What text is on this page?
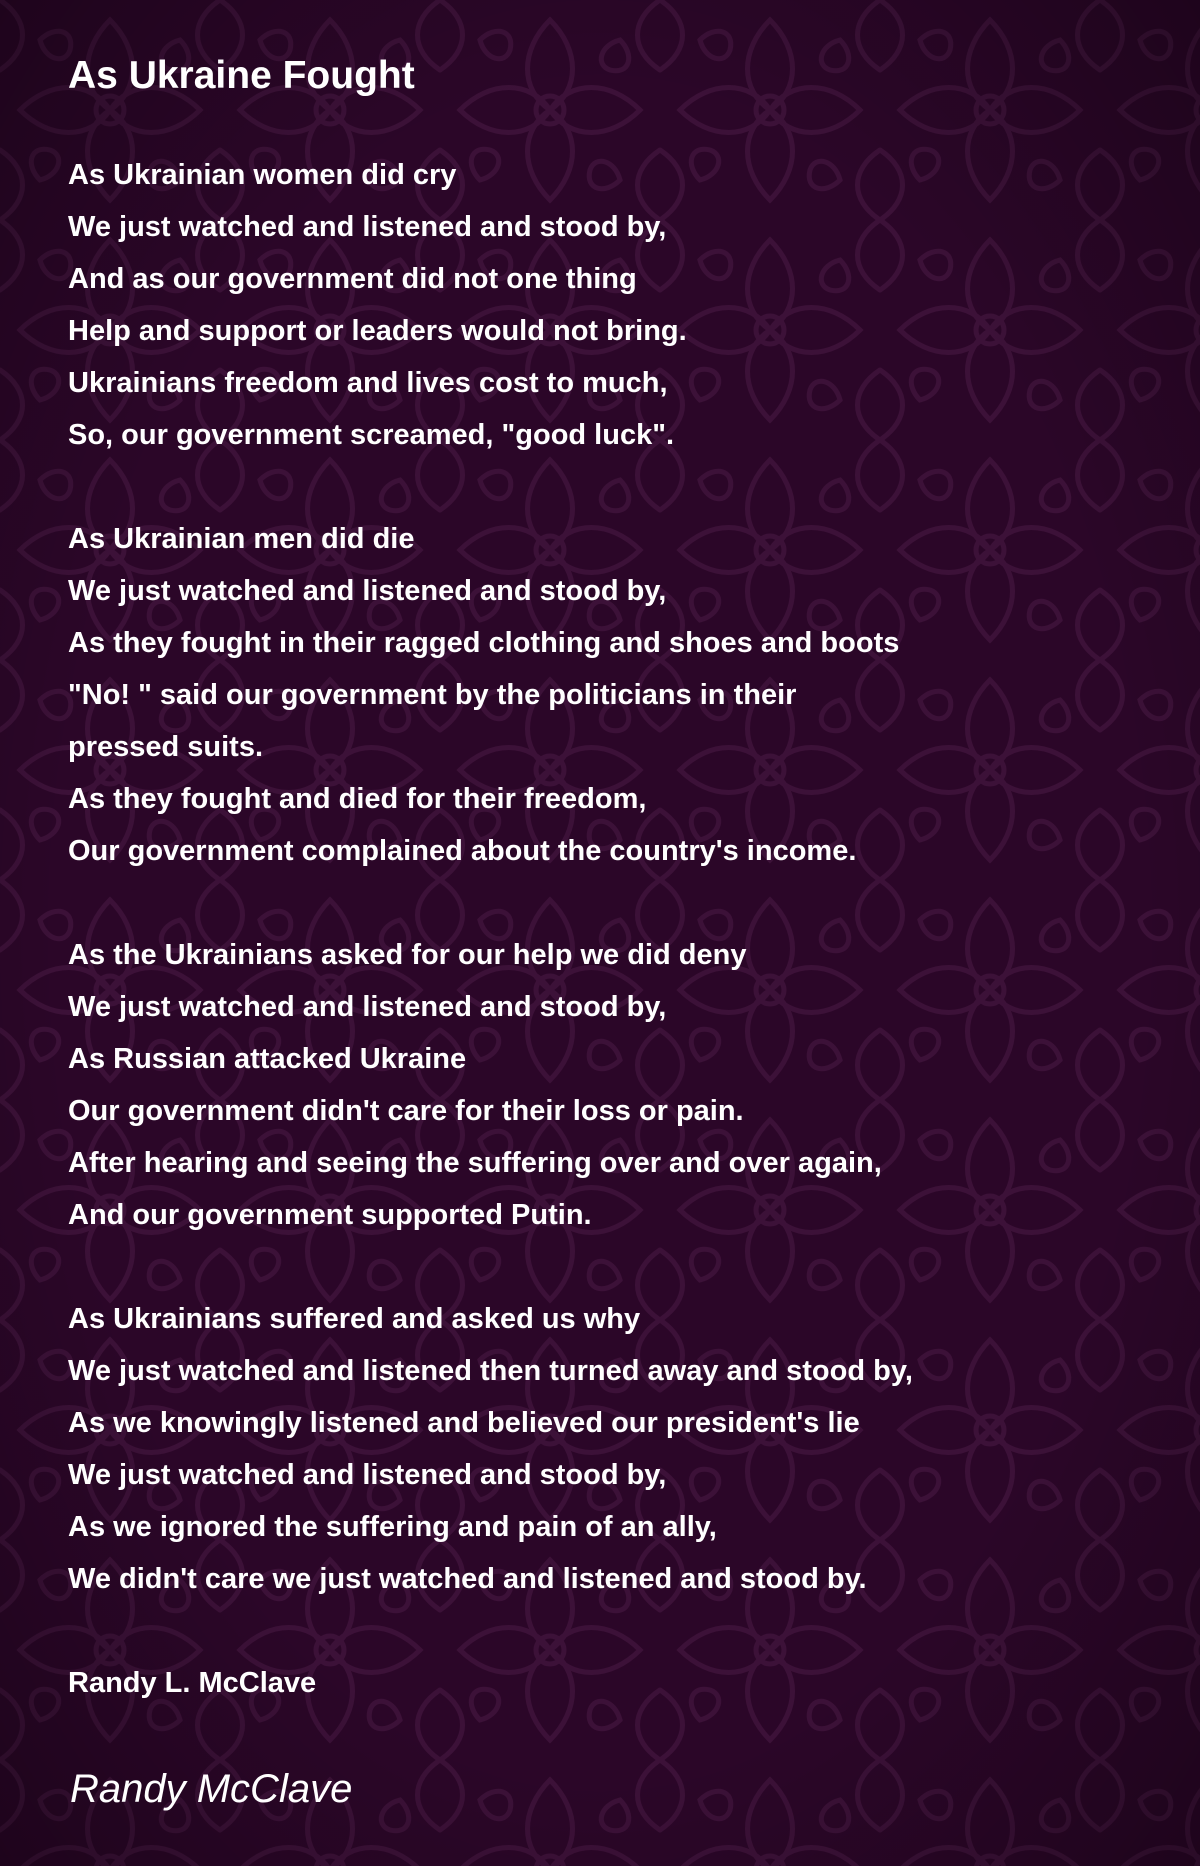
As Ukraine Fought
As Ukrainian women did cry
We just watched and listened and stood by,
And as our government did not one thing
Help and support or leaders would not bring.
Ukrainians freedom and lives cost to much,
So, our government screamed, "good luck".
As Ukrainian men did die
We just watched and listened and stood by,
As they fought in their ragged clothing and shoes and boots
"No! " said our government by the politicians in their
pressed suits.
As they fought and died for their freedom,
Our government complained about the country's income.
As the Ukrainians asked for our help we did deny
We just watched and listened and stood by,
As Russian attacked Ukraine
Our government didn't care for their loss or pain.
After hearing and seeing the suffering over and over again,
And our government supported Putin.
As Ukrainians suffered and asked us why
We just watched and listened then turned away and stood by,
As we knowingly listened and believed our president's lie
We just watched and listened and stood by,
As we ignored the suffering and pain of an ally,
We didn't care we just watched and listened and stood by.

Randy L. McClave

Randy McClave
